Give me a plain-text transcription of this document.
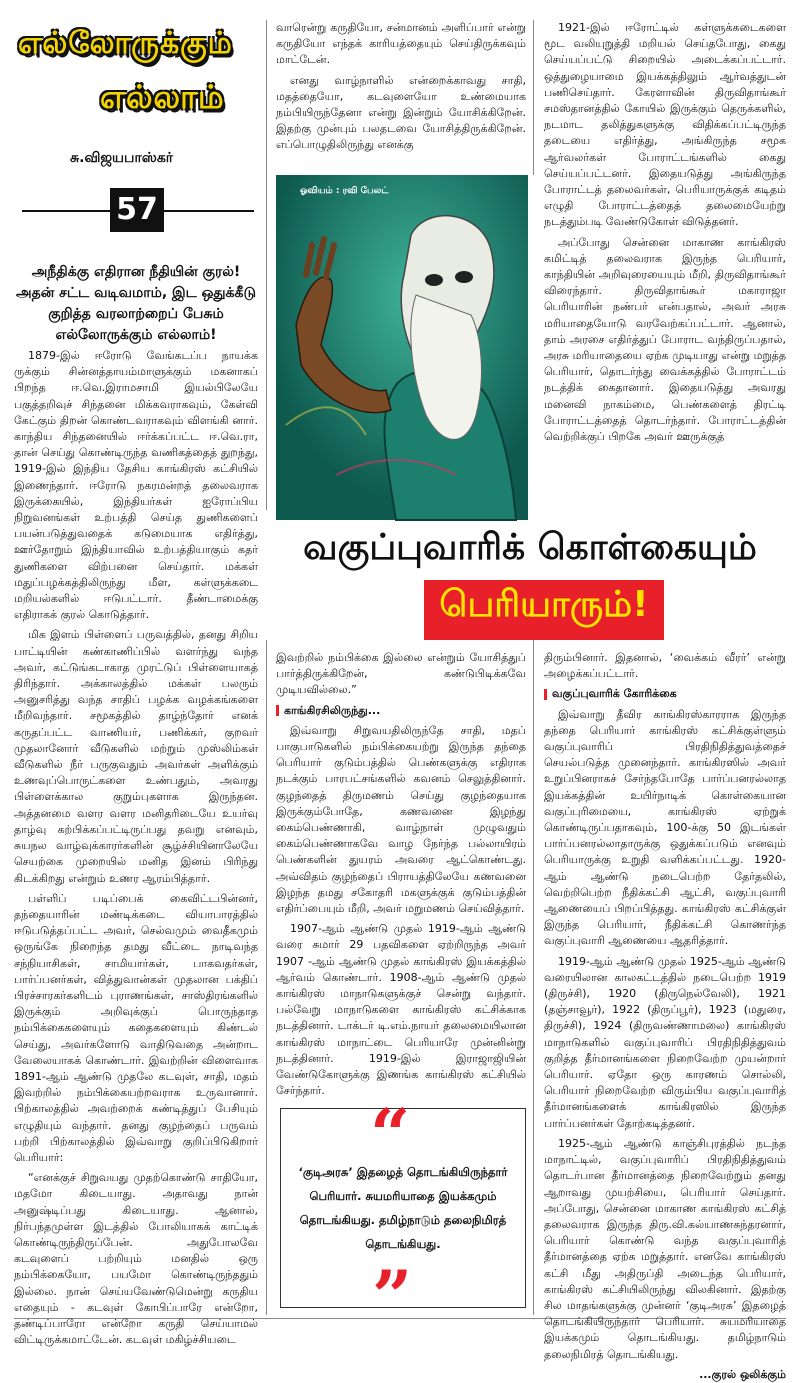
எல்லோருக்கும்
எல்லாம்
சு.விஜயபாஸ்கர்
57
அநீதிக்கு எதிரான நீதியின் குரல்! அதன் சட்ட வடிவமாம், இட ஒதுக்கீடு குறித்த வரலாற்றைப் பேசும் எல்லோருக்கும் எல்லாம்!

1879-இல் ஈரோடு வேங்கடப்ப நாயக்க ருக்கும் சின்னத்தாயம்மாளுக்கும் மகனாகப் பிறந்த ஈ.வெ.இராமசாமி இயல்பிலேயே பகுத்தறிவுச் சிந்தனை மிக்கவராகவும், கேள்வி கேட்கும் திறன் கொண்டவராகவும் விளங்கி னார். காந்திய சிந்தனையில் ஈர்க்கப்பட்ட ஈ.வெ.ரா, தான் செய்து கொண்டிருந்த வணிகத்தைத் துறந்து, 1919-இல் இந்திய தேசிய காங்கிரஸ் கட்சியில் இணைந்தார். ஈரோடு நகரமன்றத் தலைவராக இருக்கையில், இந்தியர்கள் ஐரோப்பிய நிறுவனங்கள் உற்பத்தி செய்த துணிகளைப் பயன்படுத்துவதைக் கடுமையாக எதிர்த்து, ஊர்தோறும் இந்தியாவில் உற்பத்தியாகும் கதர் துணிகளை விற்பனை செய்தார். மக்கள் மதுப்பழக்கத்திலிருந்து மீள, கள்ளுக்கடை மறியல்களில் ஈடுபட்டார். தீண்டாமைக்கு எதிராகக் குரல் கொடுத்தார்.

மிக இளம் பிள்ளைப் பருவத்தில், தனது சிறிய பாட்டியின் கண்காணிப்பில் வளர்ந்து வந்த அவர், கட்டுங்கடாகாத முரட்டுப் பிள்ளையாகத் திரிந்தார். அக்காலத்தில் மக்கள் பலரும் அனுசரித்து வந்த சாதிப் பழக்க வழக்கங்களை மீறிவந்தார். சமூகத்தில் தாழ்ந்தோர் எனக் கருதப்பட்ட வாணியர், பணிக்கர், குறவர் முதலானோர் வீடுகளில் மற்றும் முஸ்லிம்கள் வீடுகளில் நீர் பருகுவதும் அவர்கள் அளிக்கும் உணவுப்பொருட்களை உண்பதும், அவரது பிள்ளைக்கால குறும்புகளாக இருந்தன. அத்தனமை வளர வளர மனிதரிடையே உயர்வு தாழ்வு கற்பிக்கப்பட்டிருப்பது தவறு எனவும், சுயநல வாழ்வுக்காரர்களின் சூழ்ச்சியினாலேயே செயற்கை முறையில் மனித இனம் பிரிந்து கிடக்கிறது என்றும் உணர ஆரம்பித்தார்.

பள்ளிப் படிப்பைக் கைவிட்டபின்னர், தந்தையாரின் மண்டிக்கடை வியாபாரத்தில் ஈடுபடுத்தப்பட்ட அவர், செல்வமும் வைதீகமும் ஒருங்கே நிறைந்த தமது வீட்டை நாடிவந்த சந்நியாசிகள், சாமியார்கள், பாகவதர்கள், பார்ப்பனர்கள், வித்துவான்கள் முதலான பக்திப் பிரச்சாரகர்களிடம் புராணங்கள், சாஸ்திரங்களில் இருக்கும் அறிவுக்குப் பொருந்தாத நம்பிக்கைகளையும் கதைகளையும் கிண்டல் செய்து, அவர்களோடு வாதிடுவதை அன்றாட வேலையாகக் கொண்டார். இவற்றின் விளைவாக 1891-ஆம் ஆண்டு முதலே கடவுள், சாதி, மதம் இவற்றில் நம்பிக்கையற்றவராக உருவானார். பிற்காலத்தில் அவற்றைக் கண்டித்துப் பேசியும் எழுதியும் வந்தார். தனது குழந்தைப் பருவம் பற்றி பிற்காலத்தில் இவ்வாறு குறிப்பிடுகிறார் பெரியார்:

“எனக்குச் சிறுவயது முதற்கொண்டு சாதியோ, மதமோ கிடையாது. அதாவது நான் அனுஷ்டிப்பது கிடையாது. ஆனால், நிர்பந்தமுள்ள இடத்தில் போலியாகக் காட்டிக் கொண்டிருந்திருப்பேன். அதுபோலவே கடவுளைப் பற்றியும் மனதில் ஒரு நம்பிக்கையோ, பயமோ கொண்டிருந்ததும் இல்லை. நான் செய்யவேண்டுமென்று கருதிய எதையும் - கடவுள் கோபிப்பாரே என்றோ, தண்டிப்பாரோ என்றோ கருதி செய்யாமல் விட்டிருக்கமாட்டேன். கடவுள் மகிழ்ச்சியடை

வாரென்று கருதியோ, சன்மானம் அளிப்பார் என்று கருதியோ எந்தக் காரியத்தையும் செய்திருக்கவும் மாட்டேன்.

எனது வாழ்நாளில் என்றைக்காவது சாதி, மதத்தையோ, கடவுளையோ உண்மையாக நம்பியிருந்தேனா என்று இன்றும் யோசிக்கிறேன். இதற்கு முன்பும் பலதடவை யோசித்திருக்கிறேன். எப்பொழுதிலிருந்து எனக்கு

ஓவியம் : ரவி பேலட்

1921-இல் ஈரோட்டில் கள்ளுக்கடைகளை மூட வலியுறுத்தி மறியல் செய்தபோது, கைது செய்யப்பட்டு சிறையில் அடைக்கப்பட்டார். ஒத்துழையாமை இயக்கத்திலும் ஆர்வத்துடன் பணிசெய்தார். கேரளாவின் திருவிதாங்கூர் சமஸ்தானத்தில் கோயில் இருக்கும் தெருக்களில், நடமாட தலித்துகளுக்கு விதிக்கப்பட்டிருந்த தடையை எதிர்த்து, அங்கிருந்த சமூக ஆர்வலர்கள் போராட்டங்களில் கைது செய்யப்பட்டனர். இதையடுத்து அங்கிருந்த போராட்டத் தலைவர்கள், பெரியாருக்குக் கடிதம் எழுதி போராட்டத்தைத் தலைமையேற்று நடத்தும்படி வேண்டுகோள் விடுத்தனர்.

அப்போது சென்னை மாகாண காங்கிரஸ் கமிட்டித் தலைவராக இருந்த பெரியார், காந்தியின் அறிவுரையையும் மீறி, திருவிதாங்கூர் விரைந்தார். திருவிதாங்கூர் மகாராஜா பெரியாரின் நண்பர் என்பதால், அவர் அரசு மரியாதையோடு வரவேற்கப்பட்டார். ஆனால், தாம் அரசை எதிர்த்துப் போராட வந்திருப்பதால், அரசு மரியாதையை ஏற்க முடியாது என்று மறுத்த பெரியார், தொடர்ந்து வைக்கத்தில் போராட்டம் நடத்திக் கைதானார். இதையடுத்து அவரது மனைவி நாகம்மை, பெண்களைத் திரட்டி போராட்டத்தைத் தொடர்ந்தார். போராட்டத்தின் வெற்றிக்குப் பிறகே அவர் ஊருக்குத்

வகுப்புவாரிக் கொள்கையும்
பெரியாரும்!

இவற்றில் நம்பிக்கை இல்லை என்றும் யோசித்துப் பார்த்திருக்கிறேன், கண்டுபிடிக்கவே முடியவில்லை.”

காங்கிரசிலிருந்து...

இவ்வாறு சிறுவயதிலிருந்தே சாதி, மதப் பாகுபாடுகளில் நம்பிக்கையற்று இருந்த தந்தை பெரியார் குடும்பத்தில் பெண்களுக்கு எதிராக நடக்கும் பாரபட்சங்களில் கவனம் செலுத்தினார். குழந்தைத் திருமணம் செய்து குழந்தையாக இருக்கும்போதே, கணவனை இழந்து கைம்பெண்ணாகி, வாழ்நாள் முழுவதும் கைம்பெண்ணாகவே வாழ நேர்ந்த பல்லாயிரம் பெண்களின் துயரம் அவரை ஆட்கொண்டது. அவ்விதம் குழந்தைப் பிராயத்திலேயே கணவனை இழந்த தமது சகோதரி மகளுக்குக் குடும்பத்தின் எதிர்ப்பையும் மீறி, அவர் மறுமணம் செய்வித்தார்.

1907-ஆம் ஆண்டு முதல் 1919-ஆம் ஆண்டு வரை சுமார் 29 பதவிகளை ஏற்றிருந்த அவர் 1907 -ஆம் ஆண்டு முதல் காங்கிரஸ் இயக்கத்தில் ஆர்வம் கொண்டார். 1908-ஆம் ஆண்டு முதல் காங்கிரஸ் மாநாடுகளுக்குச் சென்று வந்தார். பல்வேறு மாநாடுகளை காங்கிரஸ் கட்சிக்காக நடத்தினார். டாக்டர் டி.எம்.நாயர் தலைமையிலான காங்கிரஸ் மாநாட்டை பெரியாரே முன்னின்று நடத்தினார். 1919-இல் இராஜாஜியின் வேண்டுகோளுக்கு இணங்க காங்கிரஸ் கட்சியில் சேர்ந்தார்.

“
‘குடிஅரசு’ இதழைத் தொடங்கியிருந்தார் பெரியார். சுயமரியாதை இயக்கமும் தொடங்கியது. தமிழ்நாடும் தலைநிமிரத் தொடங்கியது.
”

திரும்பினார். இதனால், ‘வைக்கம் வீரர்’ என்று அழைக்கப்பட்டார்.

வகுப்புவாரிக் கோரிக்கை

இவ்வாறு தீவிர காங்கிரஸ்காரராக இருந்த தந்தை பெரியார் காங்கிரஸ் கட்சிக்குள்ளும் வகுப்புவாரிப் பிரதிநிதித்துவத்தைச் செயல்படுத்த முனைந்தார். காங்கிரஸில் அவர் உறுப்பினராகச் சேர்ந்தபோதே பார்ப்பனரல்லாத இயக்கத்தின் உயிர்நாடிக் கொள்கையான வகுப்புரிமையை, காங்கிரஸ் ஏற்றுக் கொண்டிருப்பதாகவும், 100-க்கு 50 இடங்கள் பார்ப்பனரல்லாதாருக்கு ஒதுக்கப்படும் எனவும் பெரியாருக்கு உறுதி வளிக்கப்பட்டது. 1920-ஆம் ஆண்டு நடைபெற்ற தேர்தலில், வெற்றிபெற்ற நீதிக்கட்சி ஆட்சி, வகுப்புவாரி ஆணையைப் பிறப்பித்தது. காங்கிரஸ் கட்சிக்குள் இருந்த பெரியார், நீதிக்கட்சி கொணர்ந்த வகுப்புவாரி ஆணையை ஆதரித்தார்.

1919-ஆம் ஆண்டு முதல் 1925-ஆம் ஆண்டு வரையிலான காலகட்டத்தில் நடைபெற்ற 1919 (திருச்சி), 1920 (திருநெல்வேலி), 1921 (தஞ்சாவூர்), 1922 (திருப்பூர்), 1923 (மதுரை, திருச்சி), 1924 (திருவண்ணாமலை) காங்கிரஸ் மாநாடுகளில் வகுப்புவாரிப் பிரதிநிதித்துவம் குறித்த தீர்மானங்களை நிறைவேற்ற முயன்றார் பெரியார். ஏதோ ஒரு காரணம் சொல்லி, பெரியார் நிறைவேற்ற விரும்பிய வகுப்புவாரித் தீர்மானங்களைக் காங்கிரஸில் இருந்த பார்ப்பனர்கள் தோற்கடித்தனர்.

1925-ஆம் ஆண்டு காஞ்சிபுரத்தில் நடந்த மாநாட்டில், வகுப்புவாரிப் பிரதிநிதித்துவம் தொடர்பான தீர்மானத்தை நிறைவேற்றும் தனது ஆறாவது முயற்சியை, பெரியார் செய்தார். அப்போது, சென்னை மாகாண காங்கிரஸ் கட்சித் தலைவராக இருந்த திரு.வி.கல்யாணசுந்தரனார், பெரியார் கொண்டு வந்த வகுப்புவாரித் தீர்மானத்தை ஏற்க மறுத்தார். எனவே காங்கிரஸ் கட்சி மீது அதிருப்தி அடைந்த பெரியார், காங்கிரஸ் கட்சியிலிருந்து விலகினார். இதற்கு சில மாதங்களுக்கு முன்னர் ‘குடிஅரசு’ இதழைத் தொடங்கியிருந்தார் பெரியார். சுயமரியாதை இயக்கமும் தொடங்கியது. தமிழ்நாடும் தலைநிமிரத் தொடங்கியது.

...குரல் ஒலிக்கும்
